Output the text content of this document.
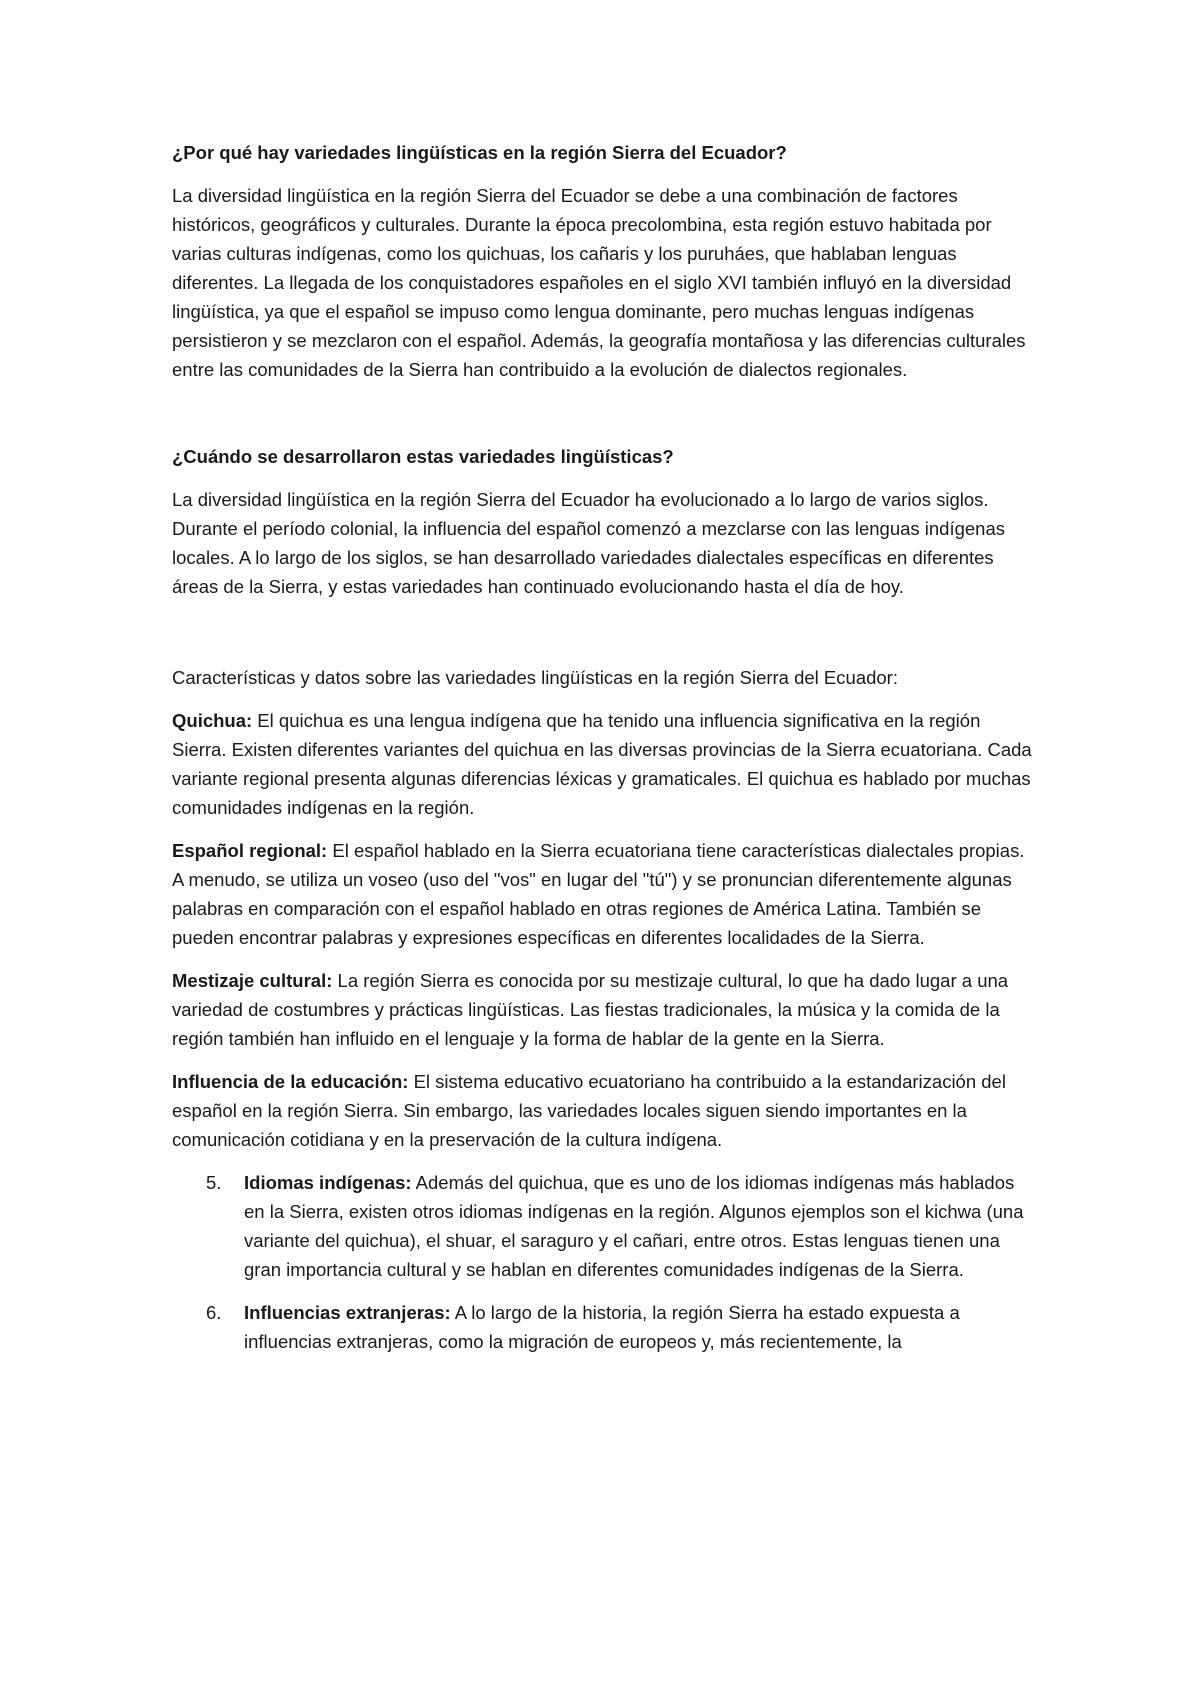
¿Por qué hay variedades lingüísticas en la región Sierra del Ecuador?

La diversidad lingüística en la región Sierra del Ecuador se debe a una combinación de factores históricos, geográficos y culturales. Durante la época precolombina, esta región estuvo habitada por varias culturas indígenas, como los quichuas, los cañaris y los puruháes, que hablaban lenguas diferentes. La llegada de los conquistadores españoles en el siglo XVI también influyó en la diversidad lingüística, ya que el español se impuso como lengua dominante, pero muchas lenguas indígenas persistieron y se mezclaron con el español. Además, la geografía montañosa y las diferencias culturales entre las comunidades de la Sierra han contribuido a la evolución de dialectos regionales.

¿Cuándo se desarrollaron estas variedades lingüísticas?

La diversidad lingüística en la región Sierra del Ecuador ha evolucionado a lo largo de varios siglos. Durante el período colonial, la influencia del español comenzó a mezclarse con las lenguas indígenas locales. A lo largo de los siglos, se han desarrollado variedades dialectales específicas en diferentes áreas de la Sierra, y estas variedades han continuado evolucionando hasta el día de hoy.

Características y datos sobre las variedades lingüísticas en la región Sierra del Ecuador:

Quichua: El quichua es una lengua indígena que ha tenido una influencia significativa en la región Sierra. Existen diferentes variantes del quichua en las diversas provincias de la Sierra ecuatoriana. Cada variante regional presenta algunas diferencias léxicas y gramaticales. El quichua es hablado por muchas comunidades indígenas en la región.

Español regional: El español hablado en la Sierra ecuatoriana tiene características dialectales propias. A menudo, se utiliza un voseo (uso del "vos" en lugar del "tú") y se pronuncian diferentemente algunas palabras en comparación con el español hablado en otras regiones de América Latina. También se pueden encontrar palabras y expresiones específicas en diferentes localidades de la Sierra.

Mestizaje cultural: La región Sierra es conocida por su mestizaje cultural, lo que ha dado lugar a una variedad de costumbres y prácticas lingüísticas. Las fiestas tradicionales, la música y la comida de la región también han influido en el lenguaje y la forma de hablar de la gente en la Sierra.

Influencia de la educación: El sistema educativo ecuatoriano ha contribuido a la estandarización del español en la región Sierra. Sin embargo, las variedades locales siguen siendo importantes en la comunicación cotidiana y en la preservación de la cultura indígena.

5. Idiomas indígenas: Además del quichua, que es uno de los idiomas indígenas más hablados en la Sierra, existen otros idiomas indígenas en la región. Algunos ejemplos son el kichwa (una variante del quichua), el shuar, el saraguro y el cañari, entre otros. Estas lenguas tienen una gran importancia cultural y se hablan en diferentes comunidades indígenas de la Sierra.

6. Influencias extranjeras: A lo largo de la historia, la región Sierra ha estado expuesta a influencias extranjeras, como la migración de europeos y, más recientemente, la
